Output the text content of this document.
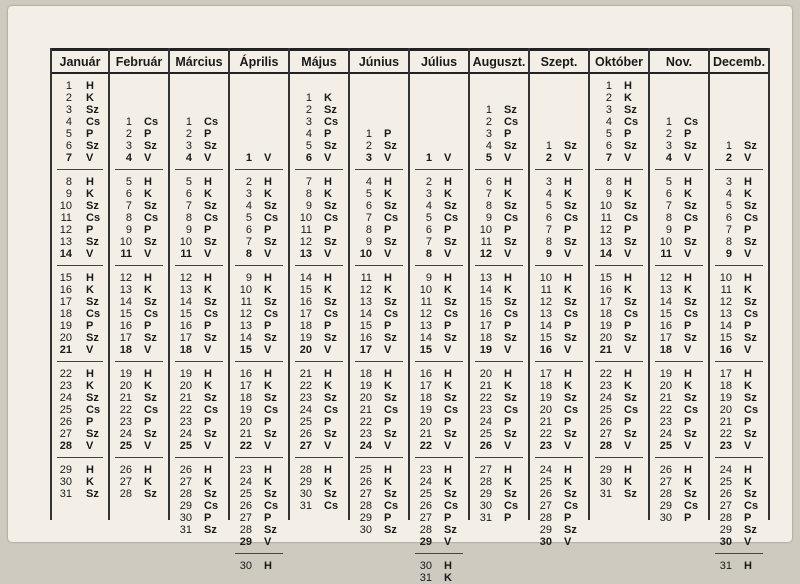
Január
1 H
2 K
3 Sz
4 Cs
5 P
6 Sz
7 V
8 H
9 K
10 Sz
11 Cs
12 P
13 Sz
14 V
15 H
16 K
17 Sz
18 Cs
19 P
20 Sz
21 V
22 H
23 K
24 Sz
25 Cs
26 P
27 Sz
28 V
29 H
30 K
31 Sz
Február
1 Cs
2 P
3 Sz
4 V
5 H
6 K
7 Sz
8 Cs
9 P
10 Sz
11 V
12 H
13 K
14 Sz
15 Cs
16 P
17 Sz
18 V
19 H
20 K
21 Sz
22 Cs
23 P
24 Sz
25 V
26 H
27 K
28 Sz
Március
1 Cs
2 P
3 Sz
4 V
5 H
6 K
7 Sz
8 Cs
9 P
10 Sz
11 V
12 H
13 K
14 Sz
15 Cs
16 P
17 Sz
18 V
19 H
20 K
21 Sz
22 Cs
23 P
24 Sz
25 V
26 H
27 K
28 Sz
29 Cs
30 P
31 Sz
Április
1 V
2 H
3 K
4 Sz
5 Cs
6 P
7 Sz
8 V
9 H
10 K
11 Sz
12 Cs
13 P
14 Sz
15 V
16 H
17 K
18 Sz
19 Cs
20 P
21 Sz
22 V
23 H
24 K
25 Sz
26 Cs
27 P
28 Sz
29 V
30 H
Május
1 K
2 Sz
3 Cs
4 P
5 Sz
6 V
7 H
8 K
9 Sz
10 Cs
11 P
12 Sz
13 V
14 H
15 K
16 Sz
17 Cs
18 P
19 Sz
20 V
21 H
22 K
23 Sz
24 Cs
25 P
26 Sz
27 V
28 H
29 K
30 Sz
31 Cs
Június
1 P
2 Sz
3 V
4 H
5 K
6 Sz
7 Cs
8 P
9 Sz
10 V
11 H
12 K
13 Sz
14 Cs
15 P
16 Sz
17 V
18 H
19 K
20 Sz
21 Cs
22 P
23 Sz
24 V
25 H
26 K
27 Sz
28 Cs
29 P
30 Sz
Július
1 V
2 H
3 K
4 Sz
5 Cs
6 P
7 Sz
8 V
9 H
10 K
11 Sz
12 Cs
13 P
14 Sz
15 V
16 H
17 K
18 Sz
19 Cs
20 P
21 Sz
22 V
23 H
24 K
25 Sz
26 Cs
27 P
28 Sz
29 V
30 H
31 K
Auguszt.
1 Sz
2 Cs
3 P
4 Sz
5 V
6 H
7 K
8 Sz
9 Cs
10 P
11 Sz
12 V
13 H
14 K
15 Sz
16 Cs
17 P
18 Sz
19 V
20 H
21 K
22 Sz
23 Cs
24 P
25 Sz
26 V
27 H
28 K
29 Sz
30 Cs
31 P
Szept.
1 Sz
2 V
3 H
4 K
5 Sz
6 Cs
7 P
8 Sz
9 V
10 H
11 K
12 Sz
13 Cs
14 P
15 Sz
16 V
17 H
18 K
19 Sz
20 Cs
21 P
22 Sz
23 V
24 H
25 K
26 Sz
27 Cs
28 P
29 Sz
30 V
Október
1 H
2 K
3 Sz
4 Cs
5 P
6 Sz
7 V
8 H
9 K
10 Sz
11 Cs
12 P
13 Sz
14 V
15 H
16 K
17 Sz
18 Cs
19 P
20 Sz
21 V
22 H
23 K
24 Sz
25 Cs
26 P
27 Sz
28 V
29 H
30 K
31 Sz
Nov.
1 Cs
2 P
3 Sz
4 V
5 H
6 K
7 Sz
8 Cs
9 P
10 Sz
11 V
12 H
13 K
14 Sz
15 Cs
16 P
17 Sz
18 V
19 H
20 K
21 Sz
22 Cs
23 P
24 Sz
25 V
26 H
27 K
28 Sz
29 Cs
30 P
Decemb.
1 Sz
2 V
3 H
4 K
5 Sz
6 Cs
7 P
8 Sz
9 V
10 H
11 K
12 Sz
13 Cs
14 P
15 Sz
16 V
17 H
18 K
19 Sz
20 Cs
21 P
22 Sz
23 V
24 H
25 K
26 Sz
27 Cs
28 P
29 Sz
30 V
31 H
